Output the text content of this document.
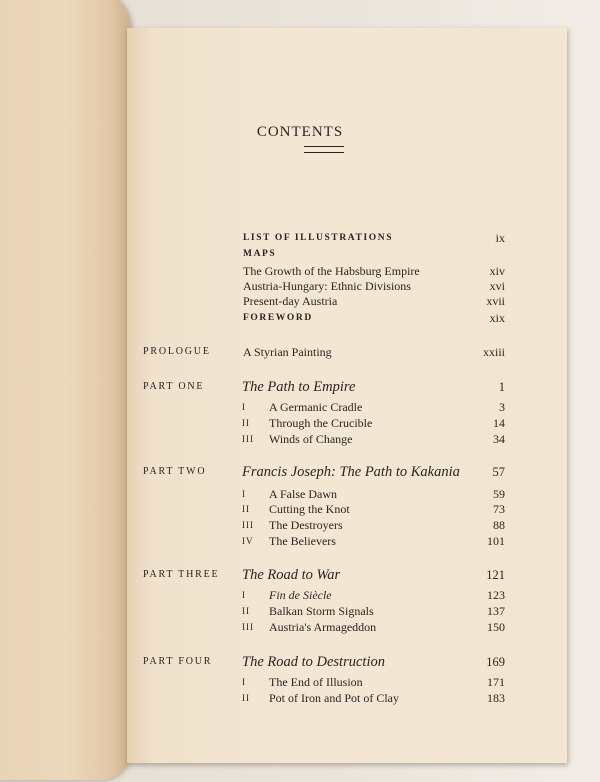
CONTENTS
LIST OF ILLUSTRATIONS	ix
MAPS
The Growth of the Habsburg Empire	xiv
Austria-Hungary: Ethnic Divisions	xvi
Present-day Austria	xvii
FOREWORD	xix
PROLOGUE	A Styrian Painting	xxiii
PART ONE	The Path to Empire	1
I A Germanic Cradle	3
II Through the Crucible	14
III Winds of Change	34
PART TWO Francis Joseph: The Path to Kakania	57
I A False Dawn	59
II Cutting the Knot	73
III The Destroyers	88
IV The Believers	101
PART THREE The Road to War	121
I Fin de Siècle	123
II Balkan Storm Signals	137
III Austria's Armageddon	150
PART FOUR The Road to Destruction	169
I The End of Illusion	171
II Pot of Iron and Pot of Clay	183
